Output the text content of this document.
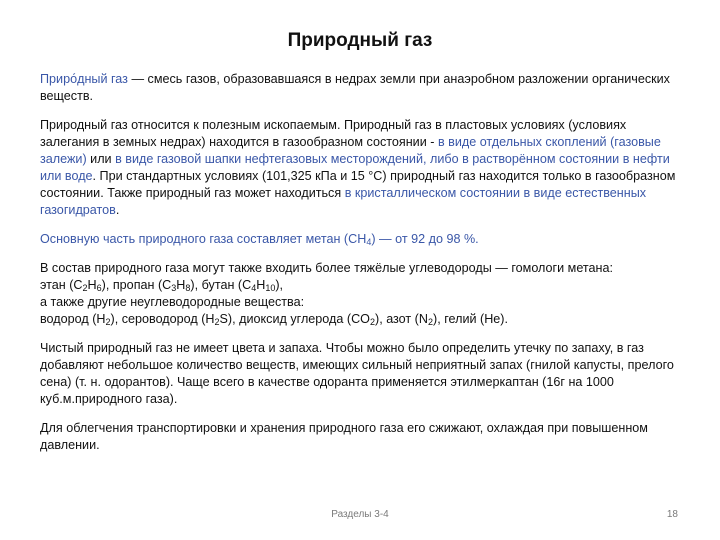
Природный газ

Приро́дный газ — смесь газов, образовавшаяся в недрах земли при анаэробном разложении органических веществ.

Природный газ относится к полезным ископаемым. Природный газ в пластовых условиях (условиях залегания в земных недрах) находится в газообразном состоянии - в виде отдельных скоплений (газовые залежи) или в виде газовой шапки нефтегазовых месторождений, либо в растворённом состоянии в нефти или воде. При стандартных условиях (101,325 кПа и 15 °C) природный газ находится только в газообразном состоянии. Также природный газ может находиться в кристаллическом состоянии в виде естественных газогидратов.

Основную часть природного газа составляет метан $(CH_4)$ — от 92 до 98 %.

В состав природного газа могут также входить более тяжёлые углеводороды — гомологи метана:
этан $(C_2H_6)$, пропан $(C_3H_8)$, бутан $(C_4H_{10})$,
а также другие неуглеводородные вещества:
водород $(H_2)$, сероводород $(H_2S)$, диоксид углерода $(CO_2)$, азот $(N_2)$, гелий (He).

Чистый природный газ не имеет цвета и запаха. Чтобы можно было определить утечку по запаху, в газ добавляют небольшое количество веществ, имеющих сильный неприятный запах (гнилой капусты, прелого сена) (т. н. одорантов). Чаще всего в качестве одоранта применяется этилмеркаптан (16г на 1000 куб.м.природного газа).

Для облегчения транспортировки и хранения природного газа его сжижают, охлаждая при повышенном давлении.

Разделы 3-4	18
